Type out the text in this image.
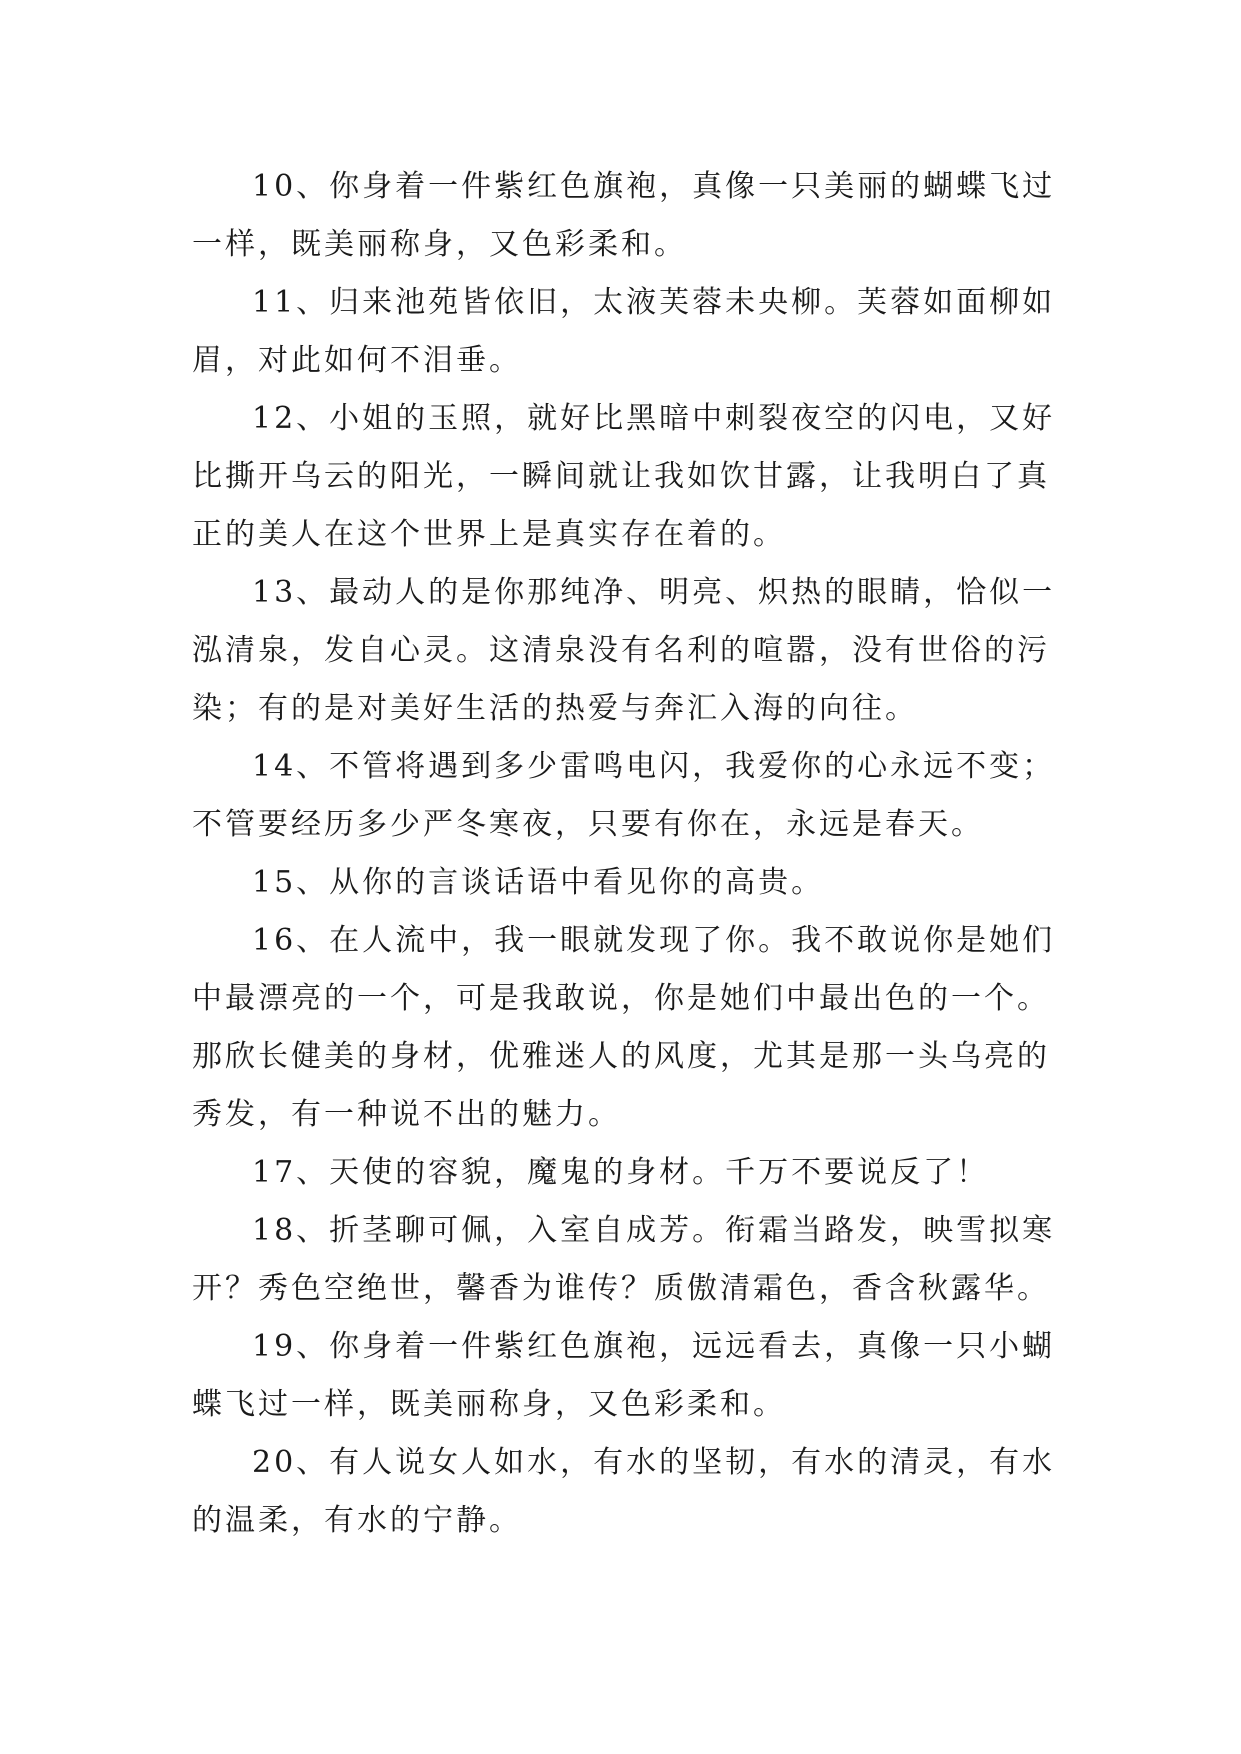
10、你身着一件紫红色旗袍，真像一只美丽的蝴蝶飞过一样，既美丽称身，又色彩柔和。

11、归来池苑皆依旧，太液芙蓉未央柳。芙蓉如面柳如眉，对此如何不泪垂。

12、小姐的玉照，就好比黑暗中刺裂夜空的闪电，又好比撕开乌云的阳光，一瞬间就让我如饮甘露，让我明白了真正的美人在这个世界上是真实存在着的。

13、最动人的是你那纯净、明亮、炽热的眼睛，恰似一泓清泉，发自心灵。这清泉没有名利的喧嚣，没有世俗的污染；有的是对美好生活的热爱与奔汇入海的向往。

14、不管将遇到多少雷鸣电闪，我爱你的心永远不变；不管要经历多少严冬寒夜，只要有你在，永远是春天。

15、从你的言谈话语中看见你的高贵。

16、在人流中，我一眼就发现了你。我不敢说你是她们中最漂亮的一个，可是我敢说，你是她们中最出色的一个。那欣长健美的身材，优雅迷人的风度，尤其是那一头乌亮的秀发，有一种说不出的魅力。

17、天使的容貌，魔鬼的身材。千万不要说反了！

18、折茎聊可佩，入室自成芳。衔霜当路发，映雪拟寒开？秀色空绝世，馨香为谁传？质傲清霜色，香含秋露华。

19、你身着一件紫红色旗袍，远远看去，真像一只小蝴蝶飞过一样，既美丽称身，又色彩柔和。

20、有人说女人如水，有水的坚韧，有水的清灵，有水的温柔，有水的宁静。
